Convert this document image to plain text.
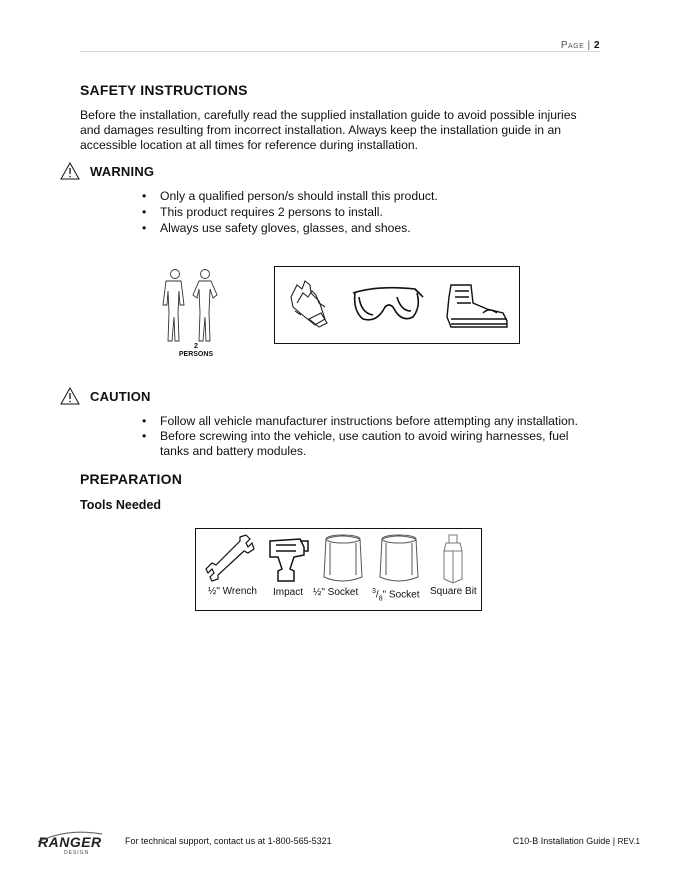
Page | 2
SAFETY INSTRUCTIONS

Before the installation, carefully read the supplied installation guide to avoid possible injuries and damages resulting from incorrect installation. Always keep the installation guide in an accessible location at all times for reference during installation.

WARNING
• Only a qualified person/s should install this product.
• This product requires 2 persons to install.
• Always use safety gloves, glasses, and shoes.
2
PERSONS
CAUTION
• Follow all vehicle manufacturer instructions before attempting any installation.
• Before screwing into the vehicle, use caution to avoid wiring harnesses, fuel tanks and battery modules.
PREPARATION
Tools Needed
½" Wrench Impact ½" Socket $^3/_8$" Socket Square Bit
RANGER
DESIGN
For technical support, contact us at 1-800-565-5321	C10-B Installation Guide | REV.1
